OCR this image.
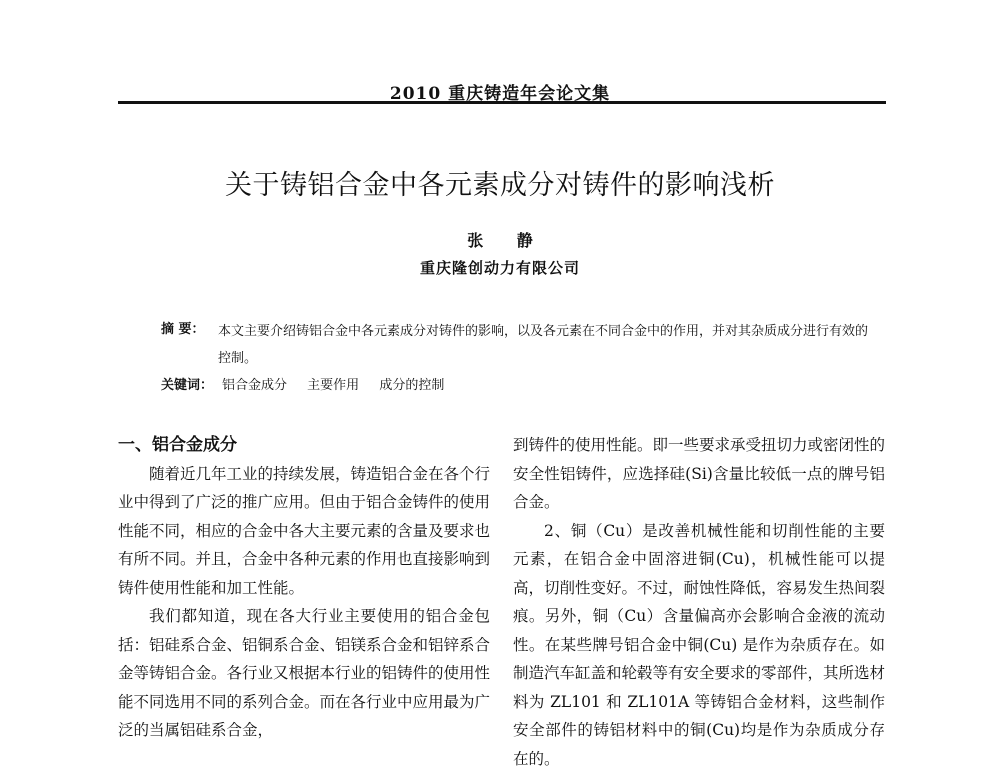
2010 重庆铸造年会论文集
关于铸铝合金中各元素成分对铸件的影响浅析
张 静
重庆隆创动力有限公司
摘 要： 本文主要介绍铸铝合金中各元素成分对铸件的影响，以及各元素在不同合金中的作用，并对其杂质成分进行有效的控制。
关键词： 铝合金成分 主要作用 成分的控制

一、铝合金成分

随着近几年工业的持续发展，铸造铝合金在各个行业中得到了广泛的推广应用。但由于铝合金铸件的使用性能不同，相应的合金中各大主要元素的含量及要求也有所不同。并且，合金中各种元素的作用也直接影响到铸件使用性能和加工性能。

我们都知道，现在各大行业主要使用的铝合金包括：铝硅系合金、铝铜系合金、铝镁系合金和铝锌系合金等铸铝合金。各行业又根据本行业的铝铸件的使用性能不同选用不同的系列合金。而在各行业中应用最为广泛的当属铝硅系合金，

到铸件的使用性能。即一些要求承受扭切力或密闭性的安全性铝铸件，应选择硅(Si)含量比较低一点的牌号铝合金。

2、铜（Cu）是改善机械性能和切削性能的主要元素，在铝合金中固溶进铜(Cu)，机械性能可以提高，切削性变好。不过，耐蚀性降低，容易发生热间裂痕。另外，铜（Cu）含量偏高亦会影响合金液的流动性。在某些牌号铝合金中铜(Cu) 是作为杂质存在。如制造汽车缸盖和轮毂等有安全要求的零部件，其所选材料为 ZL101 和 ZL101A 等铸铝合金材料，这些制作安全部件的铸铝材料中的铜(Cu)均是作为杂质成分存在的。
